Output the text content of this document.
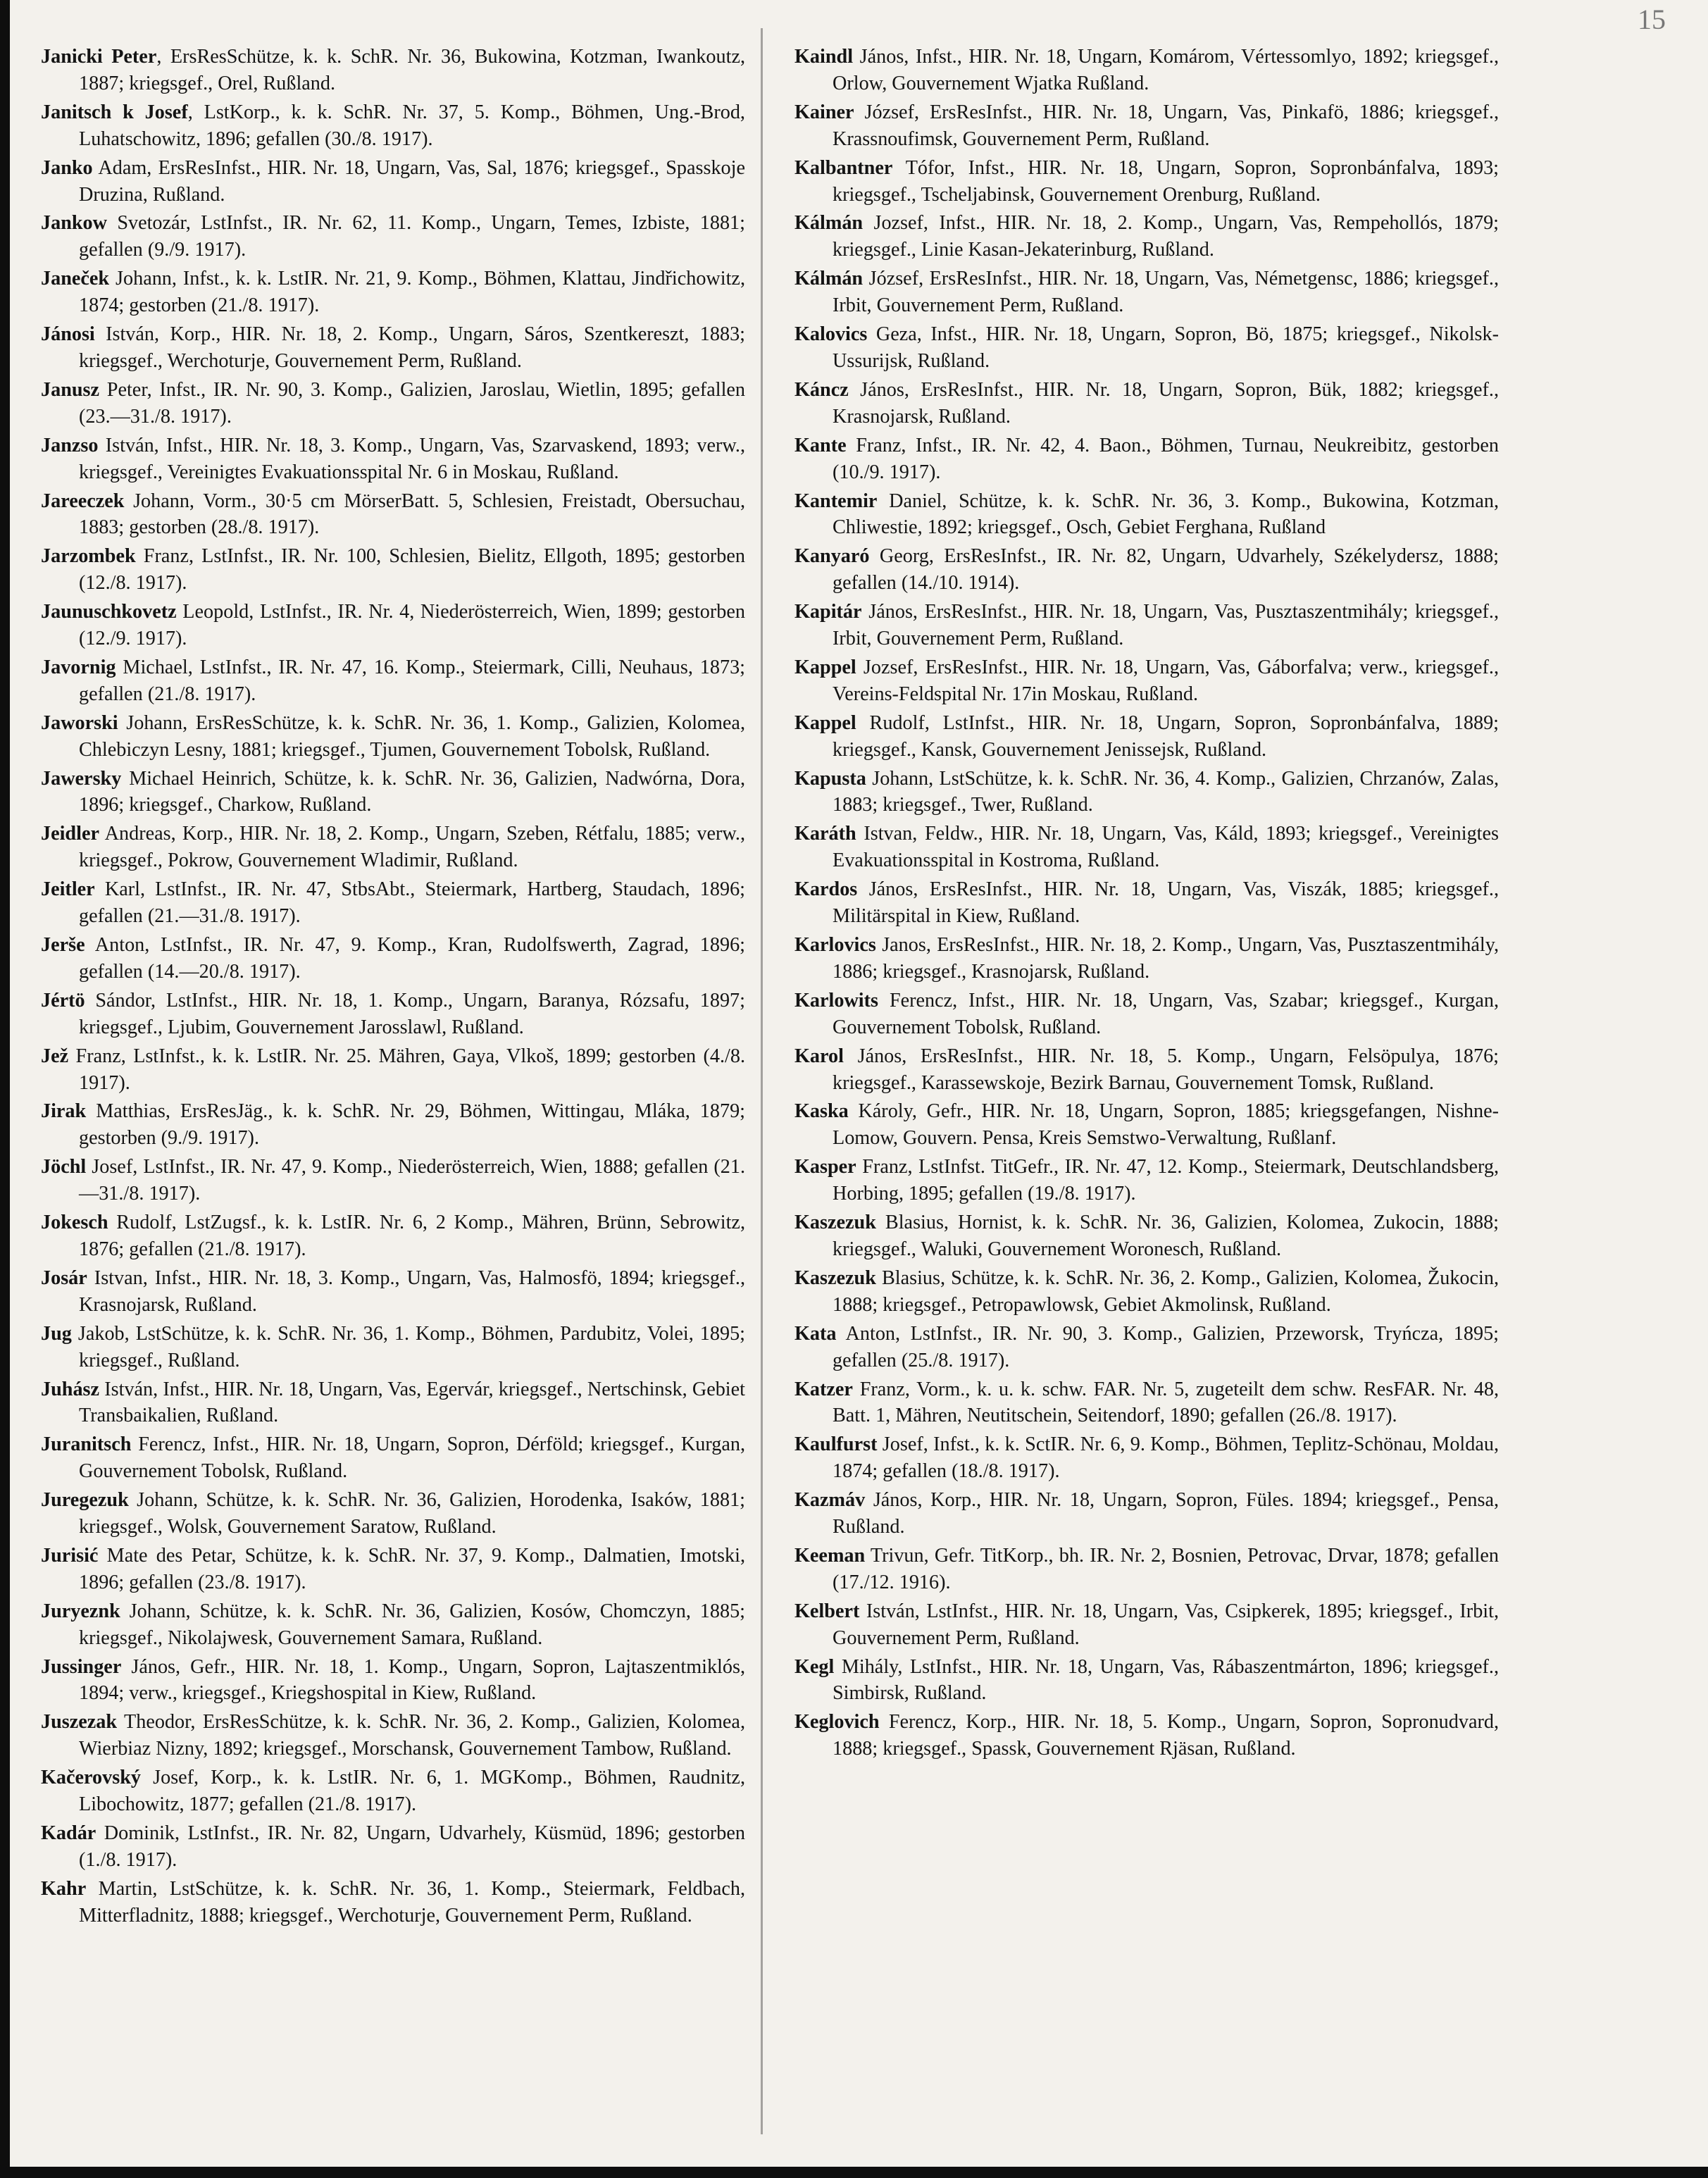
15

Janicki Peter, ErsResSchütze, k. k. SchR. Nr. 36, Bukowina, Kotzman, Iwankoutz, 1887; kriegsgef., Orel, Rußland.

Janitsch k Josef, LstKorp., k. k. SchR. Nr. 37, 5. Komp., Böhmen, Ung.-Brod, Luhatschowitz, 1896; gefallen (30./8. 1917).

Janko Adam, ErsResInfst., HIR. Nr. 18, Ungarn, Vas, Sal, 1876; kriegsgef., Spasskoje Druzina, Rußland.

Jankow Svetozár, LstInfst., IR. Nr. 62, 11. Komp., Ungarn, Temes, Izbiste, 1881; gefallen (9./9. 1917).

Janeček Johann, Infst., k. k. LstIR. Nr. 21, 9. Komp., Böhmen, Klattau, Jindřichowitz, 1874; gestorben (21./8. 1917).

Jánosi István, Korp., HIR. Nr. 18, 2. Komp., Ungarn, Sáros, Szentkereszt, 1883; kriegsgef., Werchoturje, Gouvernement Perm, Rußland.

Janusz Peter, Infst., IR. Nr. 90, 3. Komp., Galizien, Jaroslau, Wietlin, 1895; gefallen (23.—31./8. 1917).

Janzso István, Infst., HIR. Nr. 18, 3. Komp., Ungarn, Vas, Szarvaskend, 1893; verw., kriegsgef., Vereinigtes Evakuationsspital Nr. 6 in Moskau, Rußland.

Jareeczek Johann, Vorm., 30·5 cm MörserBatt. 5, Schlesien, Freistadt, Obersuchau, 1883; gestorben (28./8. 1917).

Jarzombek Franz, LstInfst., IR. Nr. 100, Schlesien, Bielitz, Ellgoth, 1895; gestorben (12./8. 1917).

Jaunuschkovetz Leopold, LstInfst., IR. Nr. 4, Niederösterreich, Wien, 1899; gestorben (12./9. 1917).

Javornig Michael, LstInfst., IR. Nr. 47, 16. Komp., Steiermark, Cilli, Neuhaus, 1873; gefallen (21./8. 1917).

Jaworski Johann, ErsResSchütze, k. k. SchR. Nr. 36, 1. Komp., Galizien, Kolomea, Chlebiczyn Lesny, 1881; kriegsgef., Tjumen, Gouvernement Tobolsk, Rußland.

Jawersky Michael Heinrich, Schütze, k. k. SchR. Nr. 36, Galizien, Nadwórna, Dora, 1896; kriegsgef., Charkow, Rußland.

Jeidler Andreas, Korp., HIR. Nr. 18, 2. Komp., Ungarn, Szeben, Rétfalu, 1885; verw., kriegsgef., Pokrow, Gouvernement Wladimir, Rußland.

Jeitler Karl, LstInfst., IR. Nr. 47, StbsAbt., Steiermark, Hartberg, Staudach, 1896; gefallen (21.—31./8. 1917).

Jerše Anton, LstInfst., IR. Nr. 47, 9. Komp., Kran, Rudolfswerth, Zagrad, 1896; gefallen (14.—20./8. 1917).

Jértö Sándor, LstInfst., HIR. Nr. 18, 1. Komp., Ungarn, Baranya, Rózsafu, 1897; kriegsgef., Ljubim, Gouvernement Jarosslawl, Rußland.

Jež Franz, LstInfst., k. k. LstIR. Nr. 25. Mähren, Gaya, Vlkoš, 1899; gestorben (4./8. 1917).

Jirak Matthias, ErsResJäg., k. k. SchR. Nr. 29, Böhmen, Wittingau, Mláka, 1879; gestorben (9./9. 1917).

Jöchl Josef, LstInfst., IR. Nr. 47, 9. Komp., Niederösterreich, Wien, 1888; gefallen (21.—31./8. 1917).

Jokesch Rudolf, LstZugsf., k. k. LstIR. Nr. 6, 2 Komp., Mähren, Brünn, Sebrowitz, 1876; gefallen (21./8. 1917).

Josár Istvan, Infst., HIR. Nr. 18, 3. Komp., Ungarn, Vas, Halmosfö, 1894; kriegsgef., Krasnojarsk, Rußland.

Jug Jakob, LstSchütze, k. k. SchR. Nr. 36, 1. Komp., Böhmen, Pardubitz, Volei, 1895; kriegsgef., Rußland.

Juhász István, Infst., HIR. Nr. 18, Ungarn, Vas, Egervár, kriegsgef., Nertschinsk, Gebiet Transbaikalien, Rußland.

Juranitsch Ferencz, Infst., HIR. Nr. 18, Ungarn, Sopron, Dérföld; kriegsgef., Kurgan, Gouvernement Tobolsk, Rußland.

Juregezuk Johann, Schütze, k. k. SchR. Nr. 36, Galizien, Horodenka, Isaków, 1881; kriegsgef., Wolsk, Gouvernement Saratow, Rußland.

Jurisić Mate des Petar, Schütze, k. k. SchR. Nr. 37, 9. Komp., Dalmatien, Imotski, 1896; gefallen (23./8. 1917).

Juryeznk Johann, Schütze, k. k. SchR. Nr. 36, Galizien, Kosów, Chomczyn, 1885; kriegsgef., Nikolajwesk, Gouvernement Samara, Rußland.

Jussinger János, Gefr., HIR. Nr. 18, 1. Komp., Ungarn, Sopron, Lajtaszentmiklós, 1894; verw., kriegsgef., Kriegshospital in Kiew, Rußland.

Juszezak Theodor, ErsResSchütze, k. k. SchR. Nr. 36, 2. Komp., Galizien, Kolomea, Wierbiaz Nizny, 1892; kriegsgef., Morschansk, Gouvernement Tambow, Rußland.

Kačerovský Josef, Korp., k. k. LstIR. Nr. 6, 1. MGKomp., Böhmen, Raudnitz, Libochowitz, 1877; gefallen (21./8. 1917).

Kadár Dominik, LstInfst., IR. Nr. 82, Ungarn, Udvarhely, Küsmüd, 1896; gestorben (1./8. 1917).

Kahr Martin, LstSchütze, k. k. SchR. Nr. 36, 1. Komp., Steiermark, Feldbach, Mitterfladnitz, 1888; kriegsgef., Werchoturje, Gouvernement Perm, Rußland.

Kaindl János, Infst., HIR. Nr. 18, Ungarn, Komárom, Vértessomlyo, 1892; kriegsgef., Orlow, Gouvernement Wjatka Rußland.

Kainer József, ErsResInfst., HIR. Nr. 18, Ungarn, Vas, Pinkafö, 1886; kriegsgef., Krassnoufimsk, Gouvernement Perm, Rußland.

Kalbantner Tófor, Infst., HIR. Nr. 18, Ungarn, Sopron, Sopronbánfalva, 1893; kriegsgef., Tscheljabinsk, Gouvernement Orenburg, Rußland.

Kálmán Jozsef, Infst., HIR. Nr. 18, 2. Komp., Ungarn, Vas, Rempehollós, 1879; kriegsgef., Linie Kasan-Jekaterinburg, Rußland.

Kálmán József, ErsResInfst., HIR. Nr. 18, Ungarn, Vas, Németgensc, 1886; kriegsgef., Irbit, Gouvernement Perm, Rußland.

Kalovics Geza, Infst., HIR. Nr. 18, Ungarn, Sopron, Bö, 1875; kriegsgef., Nikolsk-Ussurijsk, Rußland.

Káncz János, ErsResInfst., HIR. Nr. 18, Ungarn, Sopron, Bük, 1882; kriegsgef., Krasnojarsk, Rußland.

Kante Franz, Infst., IR. Nr. 42, 4. Baon., Böhmen, Turnau, Neukreibitz, gestorben (10./9. 1917).

Kantemir Daniel, Schütze, k. k. SchR. Nr. 36, 3. Komp., Bukowina, Kotzman, Chliwestie, 1892; kriegsgef., Osch, Gebiet Ferghana, Rußland

Kanyaró Georg, ErsResInfst., IR. Nr. 82, Ungarn, Udvarhely, Székelydersz, 1888; gefallen (14./10. 1914).

Kapitár János, ErsResInfst., HIR. Nr. 18, Ungarn, Vas, Pusztaszentmihály; kriegsgef., Irbit, Gouvernement Perm, Rußland.

Kappel Jozsef, ErsResInfst., HIR. Nr. 18, Ungarn, Vas, Gáborfalva; verw., kriegsgef., Vereins-Feldspital Nr. 17in Moskau, Rußland.

Kappel Rudolf, LstInfst., HIR. Nr. 18, Ungarn, Sopron, Sopronbánfalva, 1889; kriegsgef., Kansk, Gouvernement Jenissejsk, Rußland.

Kapusta Johann, LstSchütze, k. k. SchR. Nr. 36, 4. Komp., Galizien, Chrzanów, Zalas, 1883; kriegsgef., Twer, Rußland.

Karáth Istvan, Feldw., HIR. Nr. 18, Ungarn, Vas, Káld, 1893; kriegsgef., Vereinigtes Evakuationsspital in Kostroma, Rußland.

Kardos János, ErsResInfst., HIR. Nr. 18, Ungarn, Vas, Viszák, 1885; kriegsgef., Militärspital in Kiew, Rußland.

Karlovics Janos, ErsResInfst., HIR. Nr. 18, 2. Komp., Ungarn, Vas, Pusztaszentmihály, 1886; kriegsgef., Krasnojarsk, Rußland.

Karlowits Ferencz, Infst., HIR. Nr. 18, Ungarn, Vas, Szabar; kriegsgef., Kurgan, Gouvernement Tobolsk, Rußland.

Karol János, ErsResInfst., HIR. Nr. 18, 5. Komp., Ungarn, Felsöpulya, 1876; kriegsgef., Karassewskoje, Bezirk Barnau, Gouvernement Tomsk, Rußland.

Kaska Károly, Gefr., HIR. Nr. 18, Ungarn, Sopron, 1885; kriegsgefangen, Nishne-Lomow, Gouvern. Pensa, Kreis Semstwo-Verwaltung, Rußlanf.

Kasper Franz, LstInfst. TitGefr., IR. Nr. 47, 12. Komp., Steiermark, Deutschlandsberg, Horbing, 1895; gefallen (19./8. 1917).

Kaszezuk Blasius, Hornist, k. k. SchR. Nr. 36, Galizien, Kolomea, Zukocin, 1888; kriegsgef., Waluki, Gouvernement Woronesch, Rußland.

Kaszezuk Blasius, Schütze, k. k. SchR. Nr. 36, 2. Komp., Galizien, Kolomea, Žukocin, 1888; kriegsgef., Petropawlowsk, Gebiet Akmolinsk, Rußland.

Kata Anton, LstInfst., IR. Nr. 90, 3. Komp., Galizien, Przeworsk, Tryńcza, 1895; gefallen (25./8. 1917).

Katzer Franz, Vorm., k. u. k. schw. FAR. Nr. 5, zugeteilt dem schw. ResFAR. Nr. 48, Batt. 1, Mähren, Neutitschein, Seitendorf, 1890; gefallen (26./8. 1917).

Kaulfurst Josef, Infst., k. k. SctIR. Nr. 6, 9. Komp., Böhmen, Teplitz-Schönau, Moldau, 1874; gefallen (18./8. 1917).

Kazmáv János, Korp., HIR. Nr. 18, Ungarn, Sopron, Füles. 1894; kriegsgef., Pensa, Rußland.

Keeman Trivun, Gefr. TitKorp., bh. IR. Nr. 2, Bosnien, Petrovac, Drvar, 1878; gefallen (17./12. 1916).

Kelbert István, LstInfst., HIR. Nr. 18, Ungarn, Vas, Csipkerek, 1895; kriegsgef., Irbit, Gouvernement Perm, Rußland.

Kegl Mihály, LstInfst., HIR. Nr. 18, Ungarn, Vas, Rábaszentmárton, 1896; kriegsgef., Simbirsk, Rußland.

Keglovich Ferencz, Korp., HIR. Nr. 18, 5. Komp., Ungarn, Sopron, Sopronudvard, 1888; kriegsgef., Spassk, Gouvernement Rjäsan, Rußland.
